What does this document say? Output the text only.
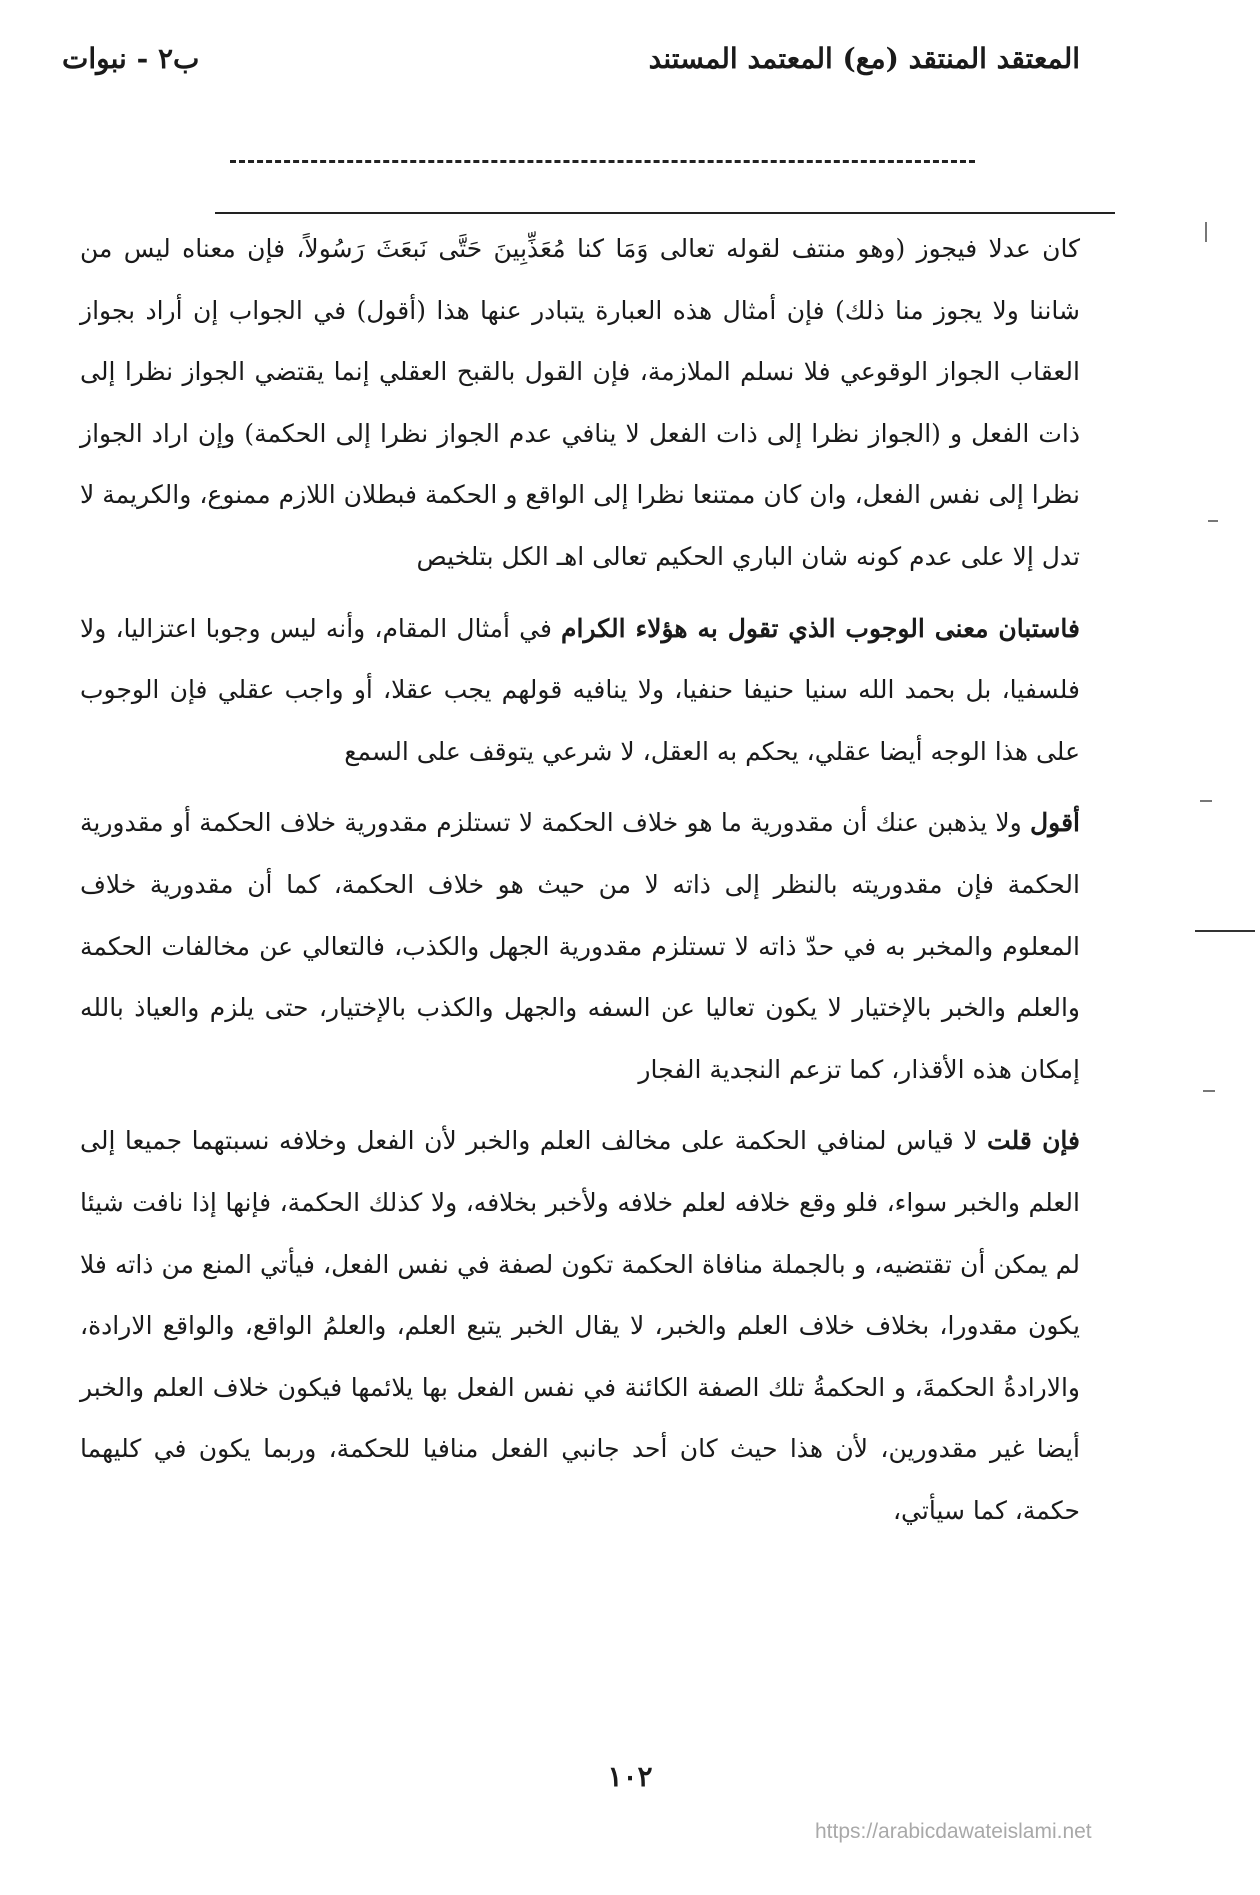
المعتقد المنتقد (مع) المعتمد المستند
ب٢ - نبوات

كان عدلا فيجوز (وهو منتف لقوله تعالى وَمَا كنا مُعَذِّبِينَ حَتَّى نَبعَثَ رَسُولاً، فإن معناه ليس من شاننا ولا يجوز منا ذلك) فإن أمثال هذه العبارة يتبادر عنها هذا (أقول) في الجواب إن أراد بجواز العقاب الجواز الوقوعي فلا نسلم الملازمة، فإن القول بالقبح العقلي إنما يقتضي الجواز نظرا إلى ذات الفعل و (الجواز نظرا إلى ذات الفعل لا ينافي عدم الجواز نظرا إلى الحكمة) وإن اراد الجواز نظرا إلى نفس الفعل، وان كان ممتنعا نظرا إلى الواقع و الحكمة فبطلان اللازم ممنوع، والكريمة لا تدل إلا على عدم كونه شان الباري الحكيم تعالى اهـ الكل بتلخيص

فاستبان معنى الوجوب الذي تقول به هؤلاء الكرام في أمثال المقام، وأنه ليس وجوبا اعتزاليا، ولا فلسفيا، بل بحمد الله سنيا حنيفا حنفيا، ولا ينافيه قولهم يجب عقلا، أو واجب عقلي فإن الوجوب على هذا الوجه أيضا عقلي، يحكم به العقل، لا شرعي يتوقف على السمع

أقول ولا يذهبن عنك أن مقدورية ما هو خلاف الحكمة لا تستلزم مقدورية خلاف الحكمة أو مقدورية الحكمة فإن مقدوريته بالنظر إلى ذاته لا من حيث هو خلاف الحكمة، كما أن مقدورية خلاف المعلوم والمخبر به في حدّ ذاته لا تستلزم مقدورية الجهل والكذب، فالتعالي عن مخالفات الحكمة والعلم والخبر بالإختيار لا يكون تعاليا عن السفه والجهل والكذب بالإختيار، حتى يلزم والعياذ بالله إمكان هذه الأقذار، كما تزعم النجدية الفجار

فإن قلت لا قياس لمنافي الحكمة على مخالف العلم والخبر لأن الفعل وخلافه نسبتهما جميعا إلى العلم والخبر سواء، فلو وقع خلافه لعلم خلافه ولأخبر بخلافه، ولا كذلك الحكمة، فإنها إذا نافت شيئا لم يمكن أن تقتضيه، و بالجملة منافاة الحكمة تكون لصفة في نفس الفعل، فيأتي المنع من ذاته فلا يكون مقدورا، بخلاف خلاف العلم والخبر، لا يقال الخبر يتبع العلم، والعلمُ الواقع، والواقع الارادة، والارادةُ الحكمةَ، و الحكمةُ تلك الصفة الكائنة في نفس الفعل بها يلائمها فيكون خلاف العلم والخبر أيضا غير مقدورين، لأن هذا حيث كان أحد جانبي الفعل منافيا للحكمة، وربما يكون في كليهما حكمة، كما سيأتي،

١٠٢
https://arabicdawateislami.net
